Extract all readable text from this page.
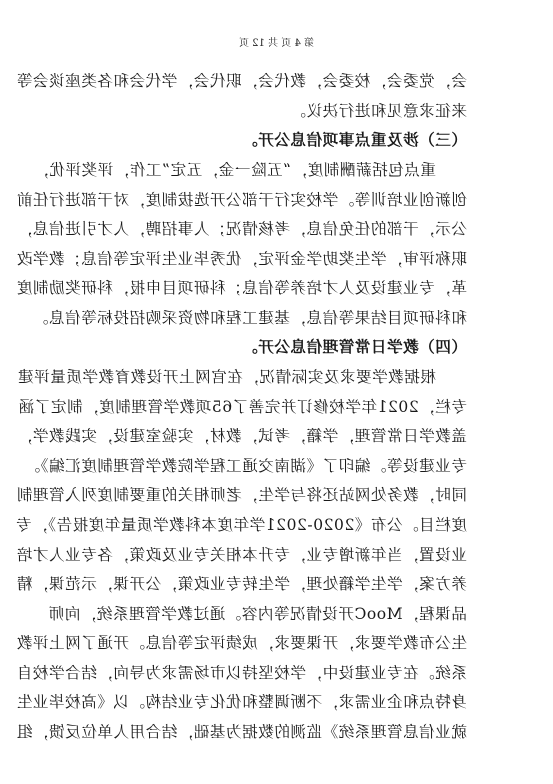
会，党委会，校委会，教代会，职代会，学代会和各类座谈会等
来征求意见和进行决议。
（三）涉及重点事项信息公开。
重点包括薪酬制度，“五险一金，五定”工作，评奖评优，
创新创业培训等。学校实行干部公开选拔制度，对干部进行任前
公示，干部的任免信息，考核情况；人事招聘，人才引进信息，
职称评审，学生奖助学金评定，优秀毕业生评定等信息；教学改
革，专业建设及人才培养等信息；科研项目申报，科研奖励制度
和科研项目结果等信息，基建工程和物资采购招投标等信息。
（四）教学日常管理信息公开。
根据教学要求及实际情况，在官网上开设教育教学质量评建
专栏，2021年学校修订并完善了65项教学管理制度，制定了涵
盖教学日常管理，学籍，考试，教材，实验室建设，实践教学，
专业建设等。编印了《湖南交通工程学院教学管理制度汇编》。
同时，教务处网站还将与学生，老师相关的重要制度列入管理制
度栏目。公布《2020-2021学年度本科教学质量年度报告》，专
业设置，当年新增专业，专升本相关专业及政策，各专业人才培
养方案，学生学籍处理，学生转专业政策，公开课，示范课，精
品课程，MooC开设情况等内容。通过教学管理系统，向师
生公布教学要求，开课要求，成绩评定等信息。开通了网上评教
系统。在专业建设中，学校坚持以市场需求为导向，结合学校自
身特点和企业需求，不断调整和优化专业结构。以《高校毕业生
就业信息管理系统》监测的数据为基础，结合用人单位反馈，组
第 4 页 共 12 页
